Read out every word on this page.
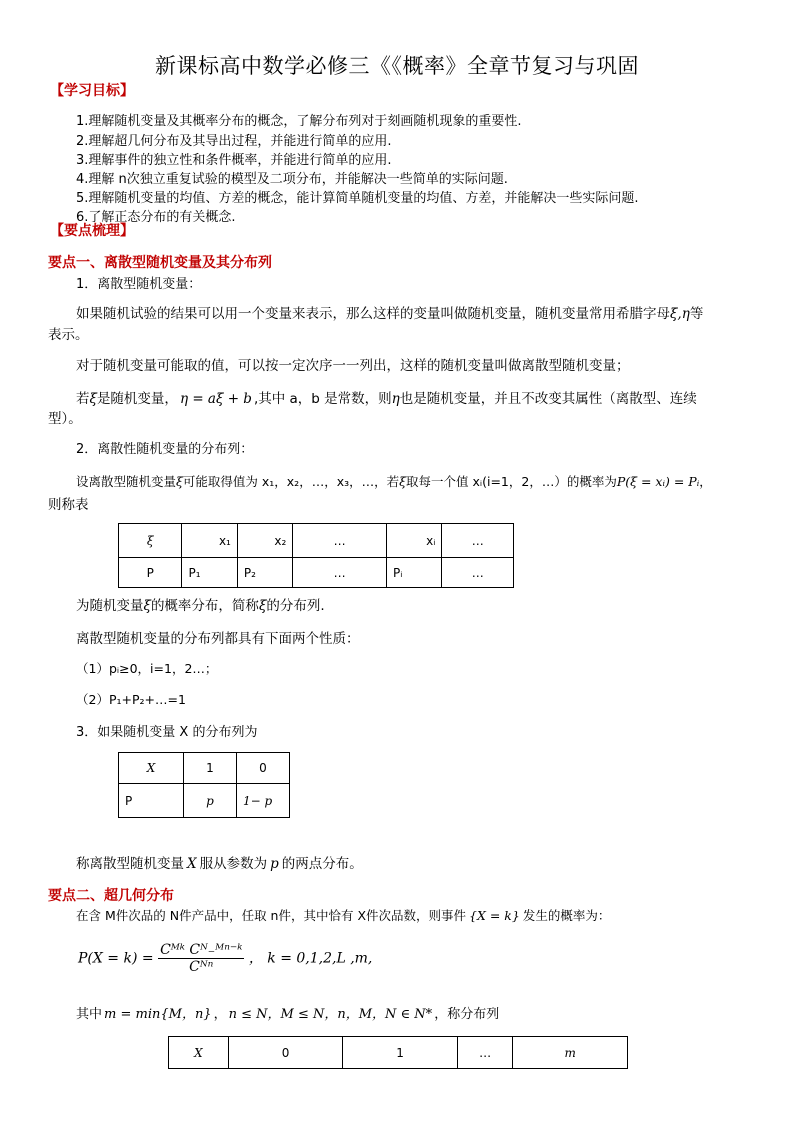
新课标高中数学必修三《《概率》全章节复习与巩固
【学习目标】
1.理解随机变量及其概率分布的概念，了解分布列对于刻画随机现象的重要性.
2.理解超几何分布及其导出过程，并能进行简单的应用.
3.理解事件的独立性和条件概率，并能进行简单的应用.
4.理解 n次独立重复试验的模型及二项分布，并能解决一些简单的实际问题.
5.理解随机变量的均值、方差的概念，能计算简单随机变量的均值、方差，并能解决一些实际问题.
6.了解正态分布的有关概念.
【要点梳理】
要点一、离散型随机变量及其分布列
1．离散型随机变量：
如果随机试验的结果可以用一个变量来表示，那么这样的变量叫做随机变量，随机变量常用希腊字母ξ,η等
表示。
对于随机变量可能取的值，可以按一定次序一一列出，这样的随机变量叫做离散型随机变量；
若ξ是随机变量， η = aξ + b ,其中 a，b 是常数，则η也是随机变量，并且不改变其属性（离散型、连续
型）。
2．离散性随机变量的分布列：
设离散型随机变量ξ可能取得值为 x₁，x₂，…，x₃，…，若ξ取每一个值 xᵢ(i=1，2，…）的概率为P(ξ = xᵢ) = Pᵢ，
则称表
ξ	x₁	x₂	…	xᵢ	…
P	P₁	P₂	…	Pᵢ	…
为随机变量ξ的概率分布，简称ξ的分布列.
离散型随机变量的分布列都具有下面两个性质：
（1）pᵢ≥0，i=1，2…；
（2）P₁+P₂+…=1
3．如果随机变量 X 的分布列为
X	1	0
P	p	1− p
称离散型随机变量 X 服从参数为 p 的两点分布。
要点二、超几何分布
在含 M件次品的 N件产品中，任取 n件，其中恰有 X件次品数，则事件 {X = k} 发生的概率为：
$P(X = k) = \frac{\text{Cᴹᵏ Cᴺ₋ᴹⁿ⁻ᵏ}}{\text{Cᴺⁿ}}$ ， k = 0,1,2,L ,m,
其中 m = min{M，n} ， n ≤ N，M ≤ N，n，M，N ∈ N* ，称分布列
X	0	1	…	m
